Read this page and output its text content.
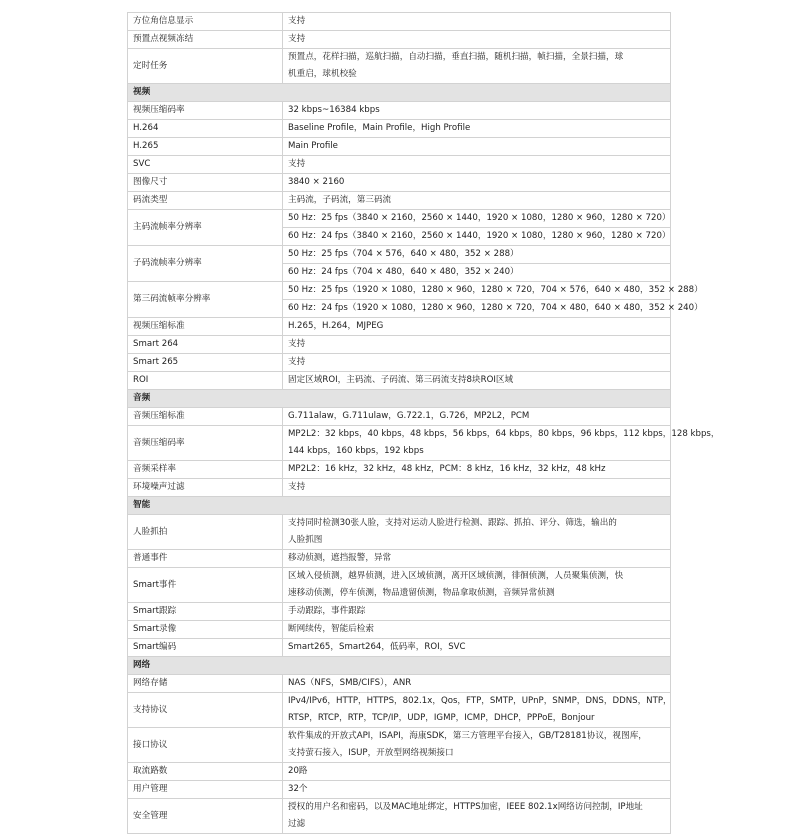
方位角信息显示	支持

预置点视频冻结	支持

定时任务	预置点，花样扫描，巡航扫描，自动扫描，垂直扫描，随机扫描，帧扫描，全景扫描，球
机重启，球机校验

视频	
视频压缩码率	32 kbps~16384 kbps

H.264	Baseline Profile，Main Profile，High Profile

H.265	Main Profile

SVC	支持

图像尺寸	3840 × 2160

码流类型	主码流，子码流，第三码流

主码流帧率分辨率	50 Hz：25 fps（3840 × 2160，2560 × 1440，1920 × 1080，1280 × 960，1280 × 720）
60 Hz：24 fps（3840 × 2160，2560 × 1440，1920 × 1080，1280 × 960，1280 × 720）

子码流帧率分辨率	50 Hz：25 fps（704 × 576，640 × 480，352 × 288）
60 Hz：24 fps（704 × 480，640 × 480，352 × 240）

第三码流帧率分辨率	50 Hz：25 fps（1920 × 1080，1280 × 960，1280 × 720，704 × 576，640 × 480，352 × 288）
60 Hz：24 fps（1920 × 1080，1280 × 960，1280 × 720，704 × 480，640 × 480，352 × 240）

视频压缩标准	H.265，H.264，MJPEG

Smart 264	支持

Smart 265	支持

ROI	固定区域ROI，主码流、子码流、第三码流支持8块ROI区域

音频	
音频压缩标准	G.711alaw，G.711ulaw，G.722.1，G.726，MP2L2，PCM

音频压缩码率	MP2L2：32 kbps，40 kbps，48 kbps，56 kbps，64 kbps，80 kbps，96 kbps，112 kbps，128 kbps，
144 kbps，160 kbps，192 kbps

音频采样率	MP2L2：16 kHz，32 kHz，48 kHz，PCM：8 kHz，16 kHz，32 kHz，48 kHz

环境噪声过滤	支持

智能	
人脸抓拍	支持同时检测30张人脸，支持对运动人脸进行检测、跟踪、抓拍、评分、筛选，输出的
人脸抓图

普通事件	移动侦测，遮挡报警，异常

Smart事件	区域入侵侦测，越界侦测，进入区域侦测，离开区域侦测，徘徊侦测，人员聚集侦测，快
速移动侦测，停车侦测，物品遗留侦测，物品拿取侦测，音频异常侦测

Smart跟踪	手动跟踪，事件跟踪

Smart录像	断网续传，智能后检索

Smart编码	Smart265，Smart264，低码率，ROI，SVC

网络	
网络存储	NAS（NFS，SMB/CIFS），ANR

支持协议	IPv4/IPv6，HTTP，HTTPS，802.1x，Qos，FTP，SMTP，UPnP，SNMP，DNS，DDNS，NTP，
RTSP，RTCP，RTP，TCP/IP，UDP，IGMP，ICMP，DHCP，PPPoE，Bonjour

接口协议	软件集成的开放式API，ISAPI，海康SDK，第三方管理平台接入，GB/T28181协议，视图库，
支持萤石接入，ISUP，开放型网络视频接口

取流路数	20路

用户管理	32个

安全管理	授权的用户名和密码，以及MAC地址绑定，HTTPS加密，IEEE 802.1x网络访问控制，IP地址
过滤
